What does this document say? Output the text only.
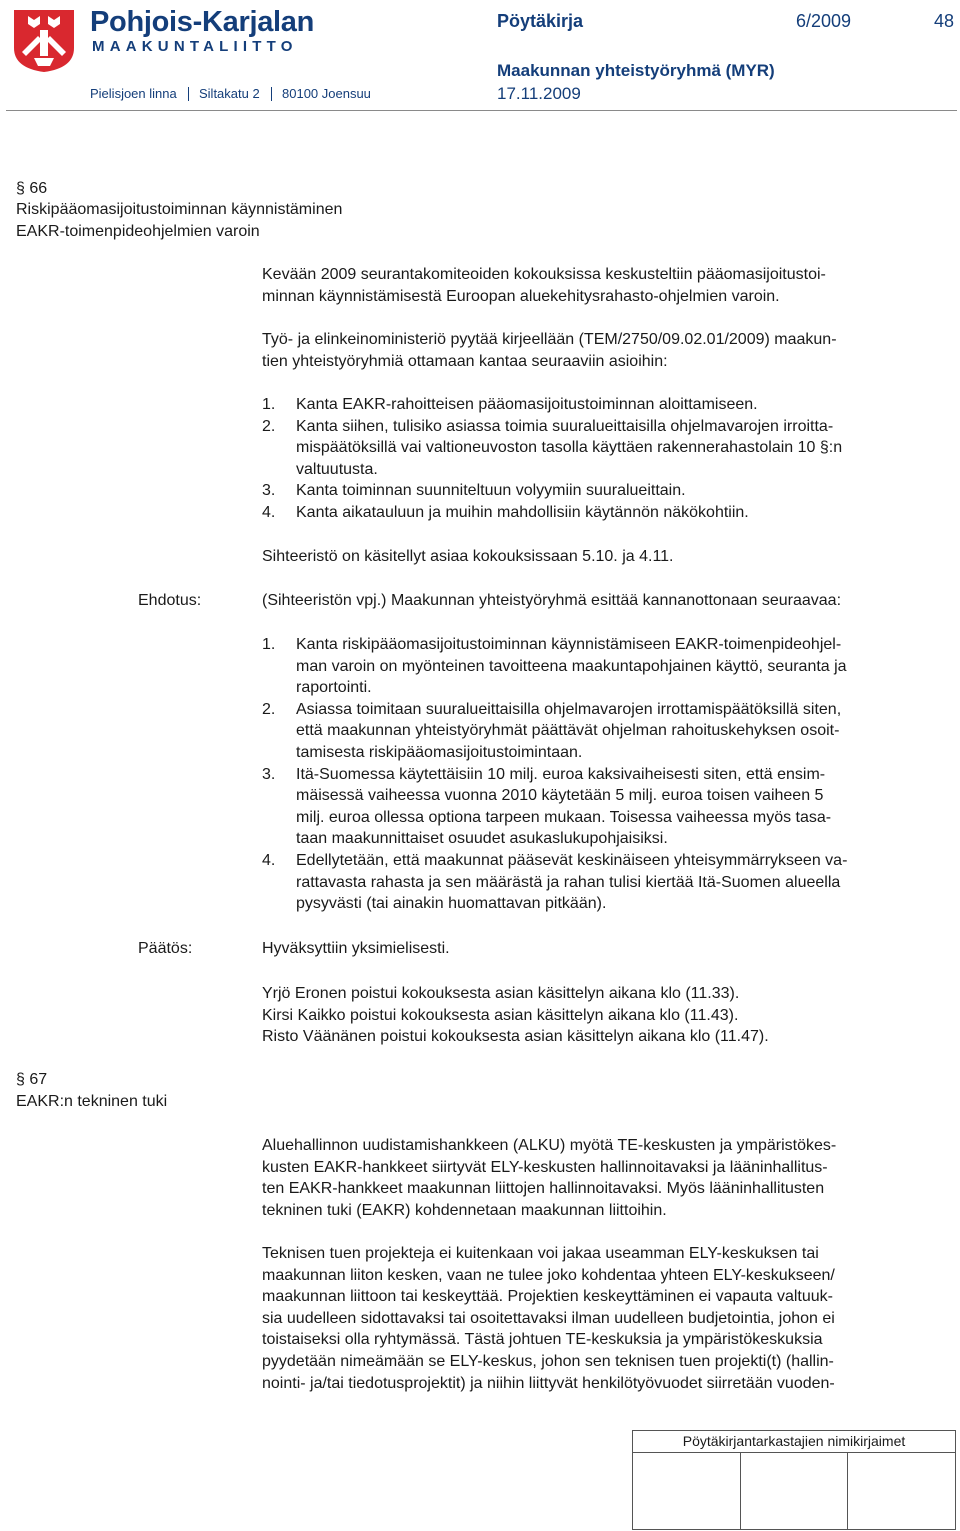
Pohjois-Karjalan
MAAKUNTALIITTO
Pielisjoen linna Siltakatu 2 80100 Joensuu
Pöytäkirja	6/2009	48
Maakunnan yhteistyöryhmä (MYR)
17.11.2009
§ 66
Riskipääomasijoitustoiminnan käynnistäminen
EAKR-toimenpideohjelmien varoin
Kevään 2009 seurantakomiteoiden kokouksissa keskusteltiin pääomasijoitustoi-
minnan käynnistämisestä Euroopan aluekehitysrahasto-ohjelmien varoin.
Työ- ja elinkeinoministeriö pyytää kirjeellään (TEM/2750/09.02.01/2009) maakun-
tien yhteistyöryhmiä ottamaan kantaa seuraaviin asioihin:
1. Kanta EAKR-rahoitteisen pääomasijoitustoiminnan aloittamiseen.
2. Kanta siihen, tulisiko asiassa toimia suuralueittaisilla ohjelmavarojen irroitta-
mispäätöksillä vai valtioneuvoston tasolla käyttäen rakennerahastolain 10 §:n
valtuutusta.
3. Kanta toiminnan suunniteltuun volyymiin suuralueittain.
4. Kanta aikatauluun ja muihin mahdollisiin käytännön näkökohtiin.
Sihteeristö on käsitellyt asiaa kokouksissaan 5.10. ja 4.11.
Ehdotus:	(Sihteeristön vpj.) Maakunnan yhteistyöryhmä esittää kannanottonaan seuraavaa:
1. Kanta riskipääomasijoitustoiminnan käynnistämiseen EAKR-toimenpideohjel-
man varoin on myönteinen tavoitteena maakuntapohjainen käyttö, seuranta ja
raportointi.
2. Asiassa toimitaan suuralueittaisilla ohjelmavarojen irrottamispäätöksillä siten,
että maakunnan yhteistyöryhmät päättävät ohjelman rahoituskehyksen osoit-
tamisesta riskipääomasijoitustoimintaan.
3. Itä-Suomessa käytettäisiin 10 milj. euroa kaksivaiheisesti siten, että ensim-
mäisessä vaiheessa vuonna 2010 käytetään 5 milj. euroa toisen vaiheen 5
milj. euroa ollessa optiona tarpeen mukaan. Toisessa vaiheessa myös tasa-
taan maakunnittaiset osuudet asukaslukupohjaisiksi.
4. Edellytetään, että maakunnat pääsevät keskinäiseen yhteisymmärrykseen va-
rattavasta rahasta ja sen määrästä ja rahan tulisi kiertää Itä-Suomen alueella
pysyvästi (tai ainakin huomattavan pitkään).
Päätös:	Hyväksyttiin yksimielisesti.
Yrjö Eronen poistui kokouksesta asian käsittelyn aikana klo (11.33).
Kirsi Kaikko poistui kokouksesta asian käsittelyn aikana klo (11.43).
Risto Väänänen poistui kokouksesta asian käsittelyn aikana klo (11.47).
§ 67
EAKR:n tekninen tuki
Aluehallinnon uudistamishankkeen (ALKU) myötä TE-keskusten ja ympäristökes-
kusten EAKR-hankkeet siirtyvät ELY-keskusten hallinnoitavaksi ja lääninhallitus-
ten EAKR-hankkeet maakunnan liittojen hallinnoitavaksi. Myös lääninhallitusten
tekninen tuki (EAKR) kohdennetaan maakunnan liittoihin.
Teknisen tuen projekteja ei kuitenkaan voi jakaa useamman ELY-keskuksen tai
maakunnan liiton kesken, vaan ne tulee joko kohdentaa yhteen ELY-keskukseen/
maakunnan liittoon tai keskeyttää. Projektien keskeyttäminen ei vapauta valtuuk-
sia uudelleen sidottavaksi tai osoitettavaksi ilman uudelleen budjetointia, johon ei
toistaiseksi olla ryhtymässä. Tästä johtuen TE-keskuksia ja ympäristökeskuksia
pyydetään nimeämään se ELY-keskus, johon sen teknisen tuen projekti(t) (hallin-
nointi- ja/tai tiedotusprojektit) ja niihin liittyvät henkilötyövuodet siirretään vuoden-
Pöytäkirjantarkastajien nimikirjaimet
